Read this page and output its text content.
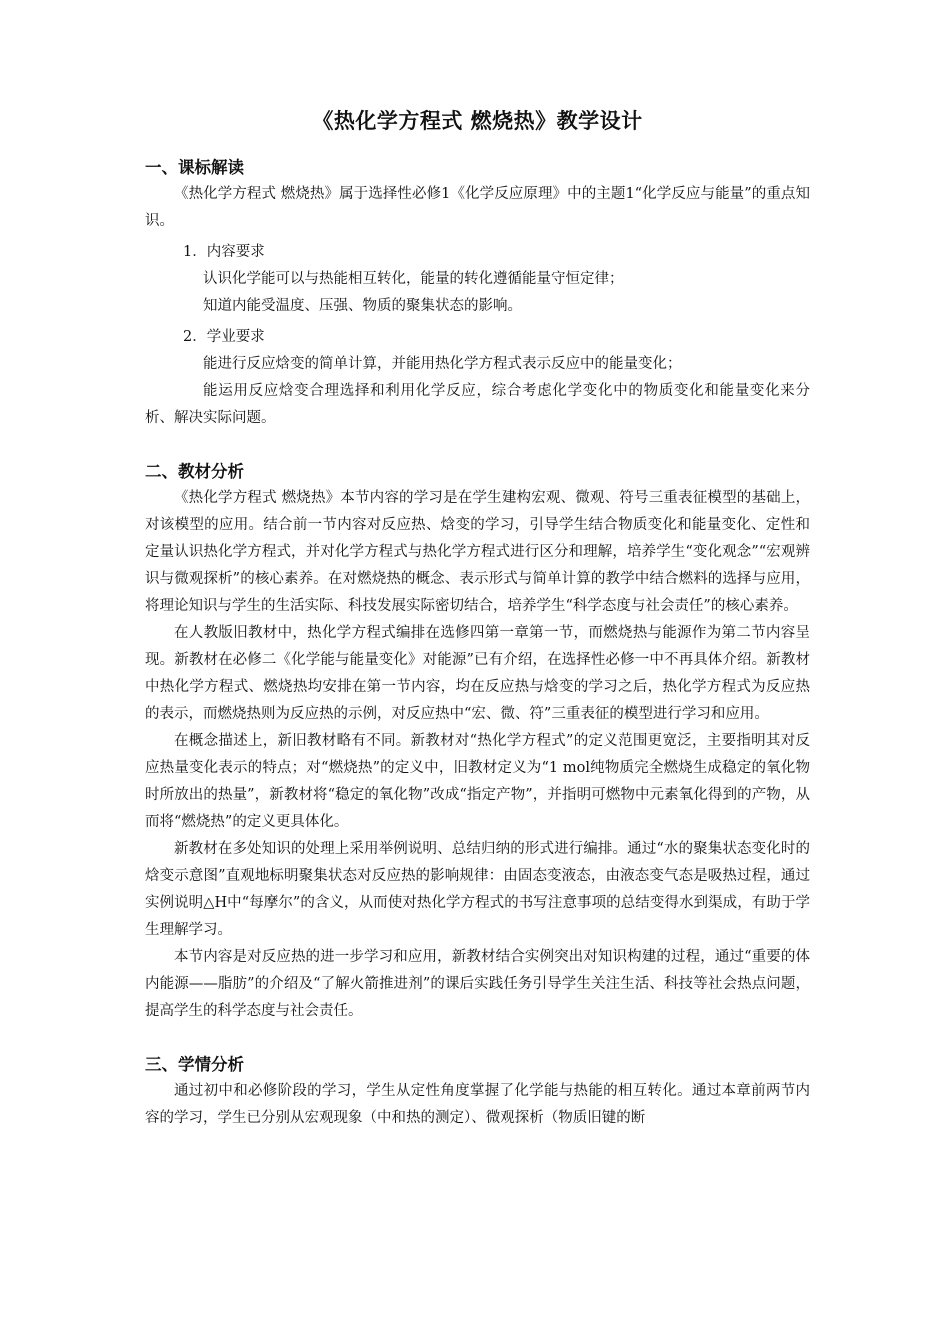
《热化学方程式 燃烧热》教学设计
一、课标解读

《热化学方程式 燃烧热》属于选择性必修1《化学反应原理》中的主题1“化学反应与能量”的重点知识。

1．内容要求
认识化学能可以与热能相互转化，能量的转化遵循能量守恒定律；
知道内能受温度、压强、物质的聚集状态的影响。
2．学业要求
能进行反应焓变的简单计算，并能用热化学方程式表示反应中的能量变化；
能运用反应焓变合理选择和利用化学反应，综合考虑化学变化中的物质变化和能量变化来分析、解决实际问题。
二、教材分析

《热化学方程式 燃烧热》本节内容的学习是在学生建构宏观、微观、符号三重表征模型的基础上，对该模型的应用。结合前一节内容对反应热、焓变的学习，引导学生结合物质变化和能量变化、定性和定量认识热化学方程式，并对化学方程式与热化学方程式进行区分和理解，培养学生“变化观念”“宏观辨识与微观探析”的核心素养。在对燃烧热的概念、表示形式与简单计算的教学中结合燃料的选择与应用，将理论知识与学生的生活实际、科技发展实际密切结合，培养学生“科学态度与社会责任”的核心素养。

在人教版旧教材中，热化学方程式编排在选修四第一章第一节，而燃烧热与能源作为第二节内容呈现。新教材在必修二《化学能与能量变化》对能源”已有介绍，在选择性必修一中不再具体介绍。新教材中热化学方程式、燃烧热均安排在第一节内容，均在反应热与焓变的学习之后，热化学方程式为反应热的表示，而燃烧热则为反应热的示例，对反应热中“宏、微、符”三重表征的模型进行学习和应用。

在概念描述上，新旧教材略有不同。新教材对“热化学方程式”的定义范围更宽泛，主要指明其对反应热量变化表示的特点；对“燃烧热”的定义中，旧教材定义为“1 mol纯物质完全燃烧生成稳定的氧化物时所放出的热量”，新教材将“稳定的氧化物”改成“指定产物”，并指明可燃物中元素氧化得到的产物，从而将“燃烧热”的定义更具体化。

新教材在多处知识的处理上采用举例说明、总结归纳的形式进行编排。通过“水的聚集状态变化时的焓变示意图”直观地标明聚集状态对反应热的影响规律：由固态变液态，由液态变气态是吸热过程，通过实例说明△H中“每摩尔”的含义，从而使对热化学方程式的书写注意事项的总结变得水到渠成，有助于学生理解学习。

本节内容是对反应热的进一步学习和应用，新教材结合实例突出对知识构建的过程，通过“重要的体内能源——脂肪”的介绍及“了解火箭推进剂”的课后实践任务引导学生关注生活、科技等社会热点问题，提高学生的科学态度与社会责任。

三、学情分析

通过初中和必修阶段的学习，学生从定性角度掌握了化学能与热能的相互转化。通过本章前两节内容的学习，学生已分别从宏观现象（中和热的测定）、微观探析（物质旧键的断
